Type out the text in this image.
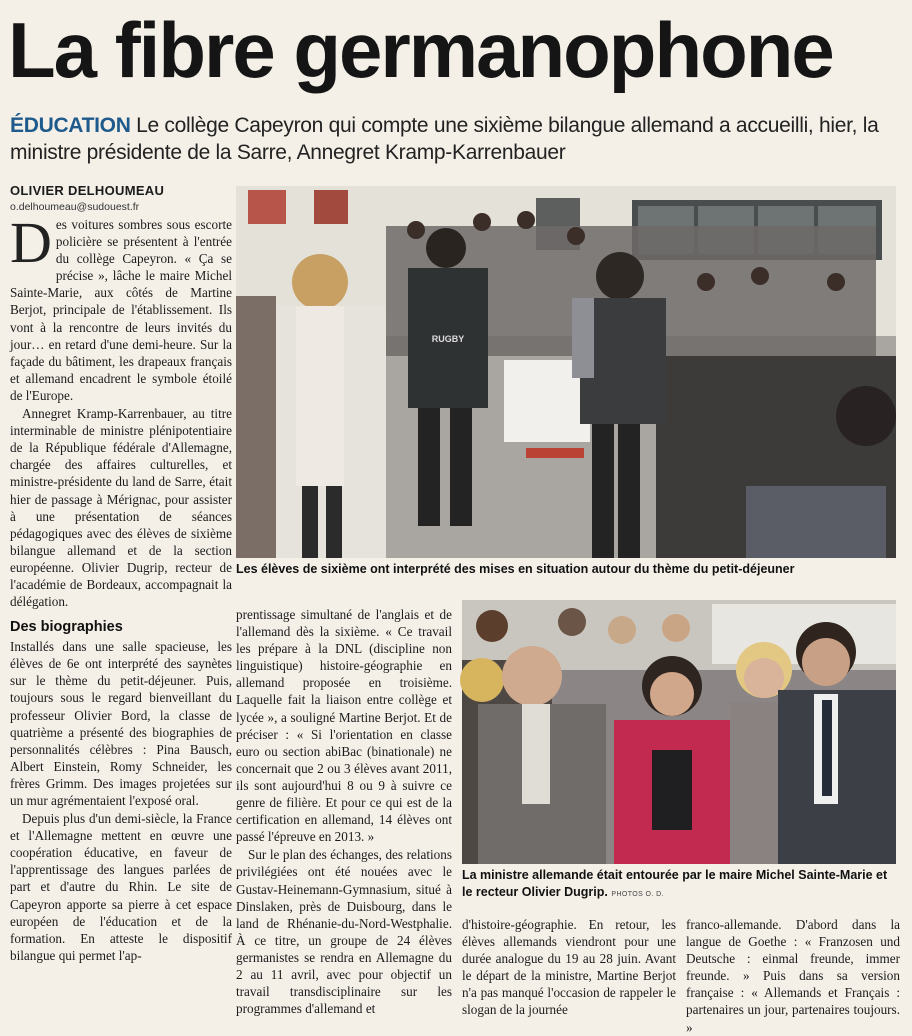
La fibre germanophone
ÉDUCATION Le collège Capeyron qui compte une sixième bilangue allemand a accueilli, hier, la ministre présidente de la Sarre, Annegret Kramp-Karrenbauer
OLIVIER DELHOUMEAU
o.delhoumeau@sudouest.fr

Des voitures sombres sous escorte policière se présentent à l'entrée du collège Capeyron. « Ça se précise », lâche le maire Michel Sainte-Marie, aux côtés de Martine Berjot, principale de l'établissement. Ils vont à la rencontre de leurs invités du jour… en retard d'une demi-heure. Sur la façade du bâtiment, les drapeaux français et allemand encadrent le symbole étoilé de l'Europe.

Annegret Kramp-Karrenbauer, au titre interminable de ministre plénipotentiaire de la République fédérale d'Allemagne, chargée des affaires culturelles, et ministre-présidente du land de Sarre, était hier de passage à Mérignac, pour assister à une présentation de séances pédagogiques avec des élèves de sixième bilangue allemand et de la section européenne. Olivier Dugrip, recteur de l'académie de Bordeaux, accompagnait la délégation.

Des biographies

Installés dans une salle spacieuse, les élèves de 6e ont interprété des saynètes sur le thème du petit-déjeuner. Puis, toujours sous le regard bienveillant du professeur Olivier Bord, la classe de quatrième a présenté des biographies de personnalités célèbres : Pina Bausch, Albert Einstein, Romy Schneider, les frères Grimm. Des images projetées sur un mur agrémentaient l'exposé oral.

Depuis plus d'un demi-siècle, la France et l'Allemagne mettent en œuvre une coopération éducative, en faveur de l'apprentissage des langues parlées de part et d'autre du Rhin. Le site de Capeyron apporte sa pierre à cet espace européen de l'éducation et de la formation. En atteste le dispositif bilangue qui permet l'ap-

RUGBY
Les élèves de sixième ont interprété des mises en situation autour du thème du petit-déjeuner

prentissage simultané de l'anglais et de l'allemand dès la sixième. « Ce travail les prépare à la DNL (discipline non linguistique) histoire-géographie en allemand proposée en troisième. Laquelle fait la liaison entre collège et lycée », a souligné Martine Berjot. Et de préciser : « Si l'orientation en classe euro ou section abiBac (binationale) ne concernait que 2 ou 3 élèves avant 2011, ils sont aujourd'hui 8 ou 9 à suivre ce genre de filière. Et pour ce qui est de la certification en allemand, 14 élèves ont passé l'épreuve en 2013. »

Sur le plan des échanges, des relations privilégiées ont été nouées avec le Gustav-Heinemann-Gymnasium, situé à Dinslaken, près de Duisbourg, dans le land de Rhénanie-du-Nord-Westphalie. À ce titre, un groupe de 24 élèves germanistes se rendra en Allemagne du 2 au 11 avril, avec pour objectif un travail transdisciplinaire sur les programmes d'allemand et

La ministre allemande était entourée par le maire Michel Sainte-Marie et le recteur Olivier Dugrip. PHOTOS O. D.

d'histoire-géographie. En retour, les élèves allemands viendront pour une durée analogue du 19 au 28 juin. Avant le départ de la ministre, Martine Berjot n'a pas manqué l'occasion de rappeler le slogan de la journée

franco-allemande. D'abord dans la langue de Goethe : « Franzosen und Deutsche : einmal freunde, immer freunde. » Puis dans sa version française : « Allemands et Français : partenaires un jour, partenaires toujours. »
